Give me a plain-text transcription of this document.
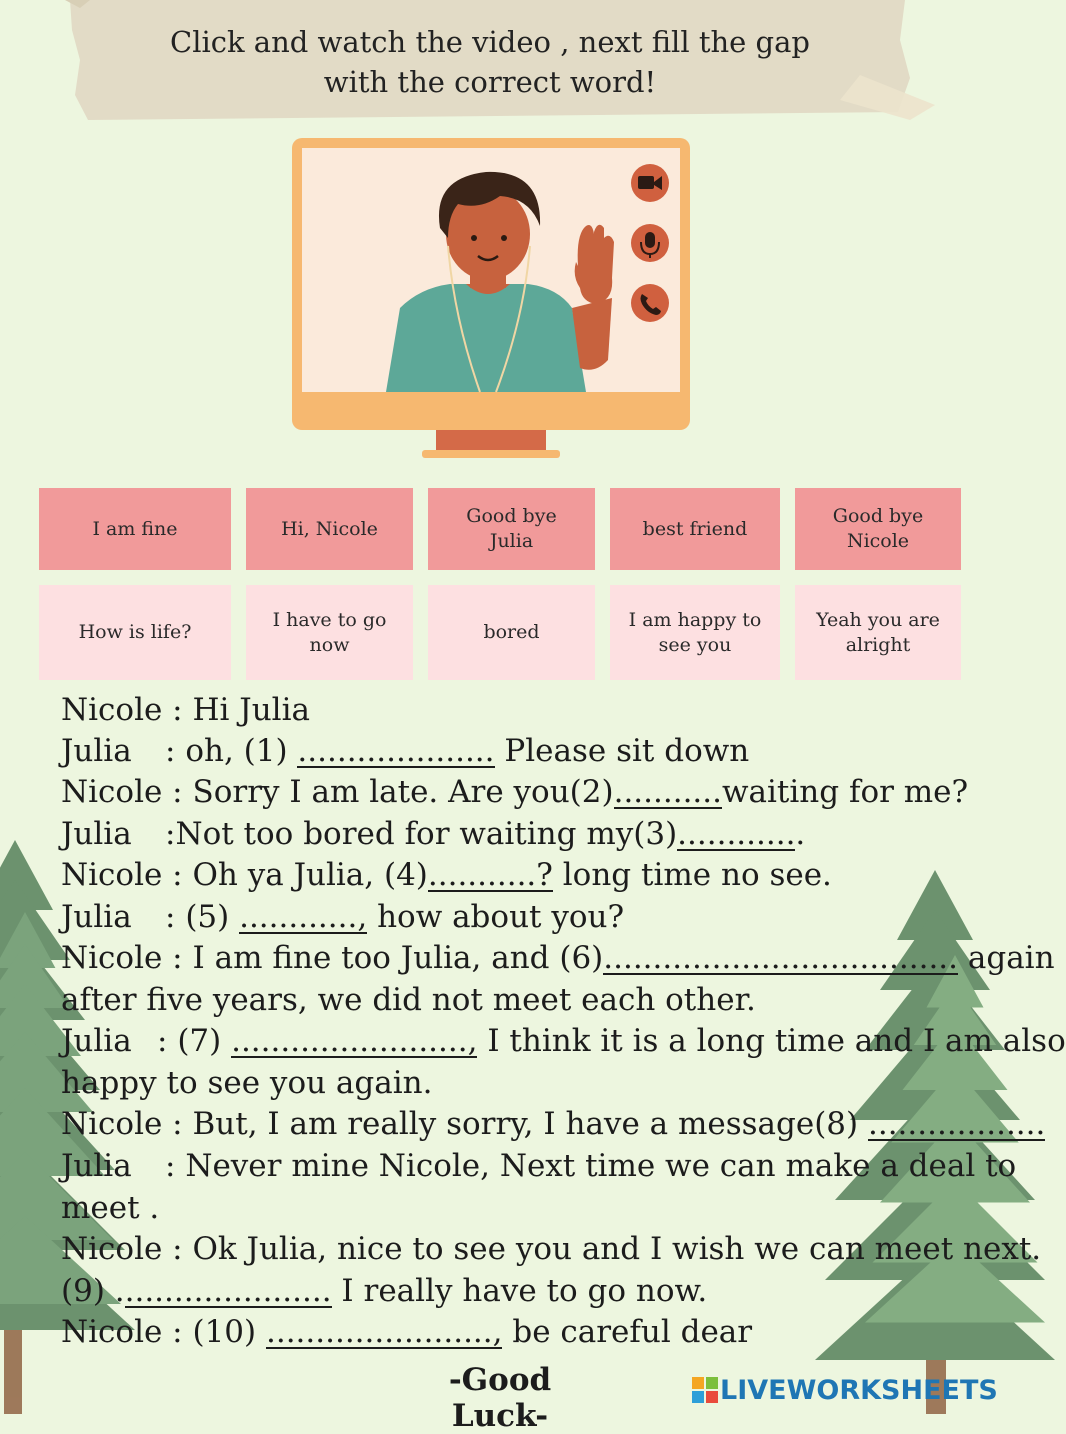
Click and watch the video , next fill the gap
with the correct word!
I am fine	Hi, Nicole
Good bye Julia
best friend
Good bye Nicole
How is life?
I have to go now
bored
I am happy to see you
Yeah you are alright
Nicole : Hi Julia
Julia : oh, (1) .................... Please sit down
Nicole : Sorry I am late. Are you(2)...........waiting for me?
Julia :Not too bored for waiting my(3).............
Nicole : Oh ya Julia, (4)...........? long time no see.
Julia : (5) ............, how about you?
Nicole : I am fine too Julia, and (6).................................... again
after five years, we did not meet each other.
Julia : (7) ........................, I think it is a long time and I am also
happy to see you again.
Nicole : But, I am really sorry, I have a message(8) ..................
Julia : Never mine Nicole, Next time we can make a deal to
meet .
Nicole : Ok Julia, nice to see you and I wish we can meet next.
(9) ...................... I really have to go now.
Nicole : (10) ......................., be careful dear
-Good Luck-
LIVEWORKSHEETS
